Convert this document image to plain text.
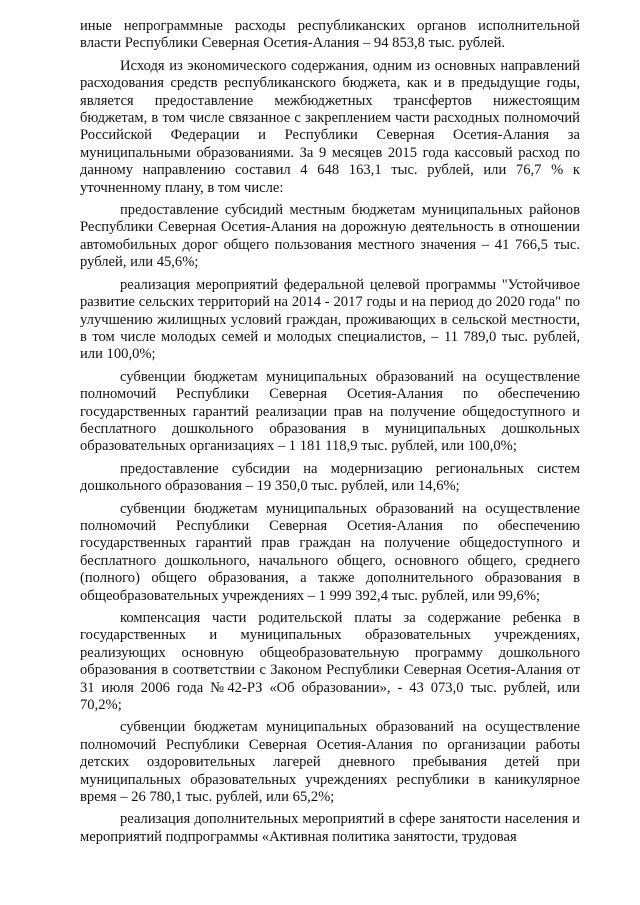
иные непрограммные расходы республиканских органов исполнительной власти Республики Северная Осетия-Алания – 94 853,8 тыс. рублей.

Исходя из экономического содержания, одним из основных направлений расходования средств республиканского бюджета, как и в предыдущие годы, является предоставление межбюджетных трансфертов нижестоящим бюджетам, в том числе связанное с закреплением части расходных полномочий Российской Федерации и Республики Северная Осетия-Алания за муниципальными образованиями. За 9 месяцев 2015 года кассовый расход по данному направлению составил 4 648 163,1 тыс. рублей, или 76,7 % к уточненному плану, в том числе:

предоставление субсидий местным бюджетам муниципальных районов Республики Северная Осетия-Алания на дорожную деятельность в отношении автомобильных дорог общего пользования местного значения – 41 766,5 тыс. рублей, или 45,6%;

реализация мероприятий федеральной целевой программы "Устойчивое развитие сельских территорий на 2014 - 2017 годы и на период до 2020 года" по улучшению жилищных условий граждан, проживающих в сельской местности, в том числе молодых семей и молодых специалистов, – 11 789,0 тыс. рублей, или 100,0%;

субвенции бюджетам муниципальных образований на осуществление полномочий Республики Северная Осетия-Алания по обеспечению государственных гарантий реализации прав на получение общедоступного и бесплатного дошкольного образования в муниципальных дошкольных образовательных организациях – 1 181 118,9 тыс. рублей, или 100,0%;

предоставление субсидии на модернизацию региональных систем дошкольного образования – 19 350,0 тыс. рублей, или 14,6%;

субвенции бюджетам муниципальных образований на осуществление полномочий Республики Северная Осетия-Алания по обеспечению государственных гарантий прав граждан на получение общедоступного и бесплатного дошкольного, начального общего, основного общего, среднего (полного) общего образования, а также дополнительного образования в общеобразовательных учреждениях – 1 999 392,4 тыс. рублей, или 99,6%;

компенсация части родительской платы за содержание ребенка в государственных и муниципальных образовательных учреждениях, реализующих основную общеобразовательную программу дошкольного образования в соответствии с Законом Республики Северная Осетия-Алания от 31 июля 2006 года №42-РЗ «Об образовании», - 43 073,0 тыс. рублей, или 70,2%;

субвенции бюджетам муниципальных образований на осуществление полномочий Республики Северная Осетия-Алания по организации работы детских оздоровительных лагерей дневного пребывания детей при муниципальных образовательных учреждениях республики в каникулярное время – 26 780,1 тыс. рублей, или 65,2%;

реализация дополнительных мероприятий в сфере занятости населения и мероприятий подпрограммы «Активная политика занятости, трудовая
